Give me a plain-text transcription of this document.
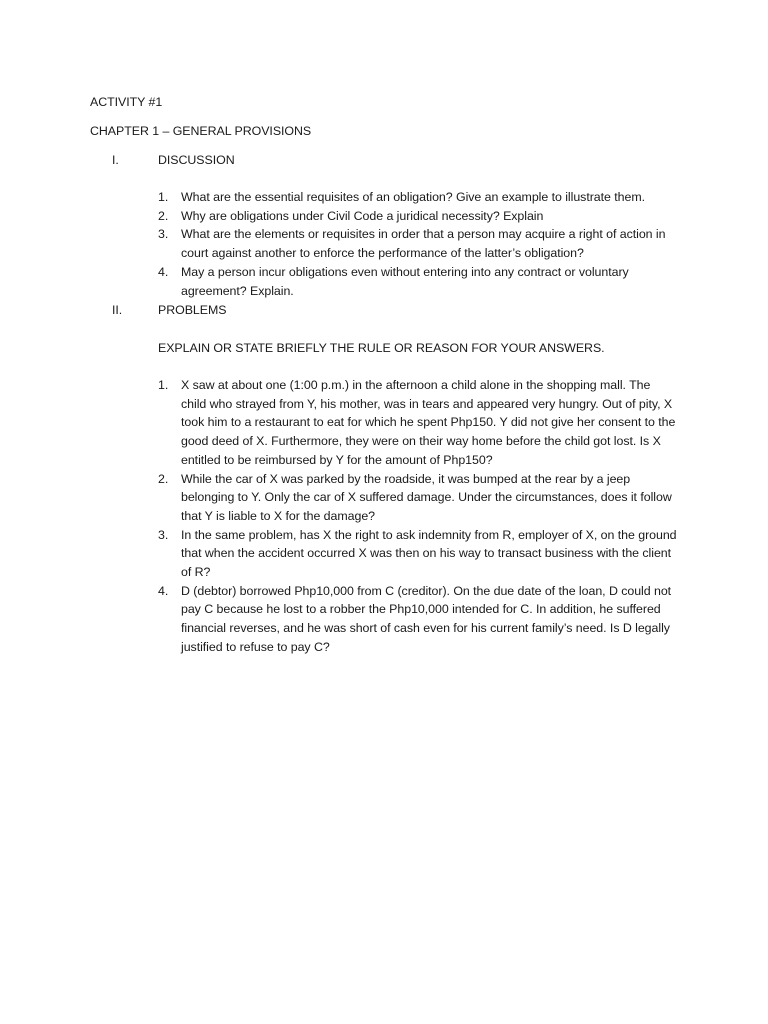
ACTIVITY #1
CHAPTER 1 – GENERAL PROVISIONS
I.	DISCUSSION
1. What are the essential requisites of an obligation? Give an example to illustrate them.
2. Why are obligations under Civil Code a juridical necessity? Explain
3. What are the elements or requisites in order that a person may acquire a right of action in court against another to enforce the performance of the latter’s obligation?
4. May a person incur obligations even without entering into any contract or voluntary agreement? Explain.
II.	PROBLEMS
EXPLAIN OR STATE BRIEFLY THE RULE OR REASON FOR YOUR ANSWERS.
1. X saw at about one (1:00 p.m.) in the afternoon a child alone in the shopping mall. The child who strayed from Y, his mother, was in tears and appeared very hungry. Out of pity, X took him to a restaurant to eat for which he spent Php150. Y did not give her consent to the good deed of X. Furthermore, they were on their way home before the child got lost. Is X entitled to be reimbursed by Y for the amount of Php150?
2. While the car of X was parked by the roadside, it was bumped at the rear by a jeep belonging to Y. Only the car of X suffered damage. Under the circumstances, does it follow that Y is liable to X for the damage?
3. In the same problem, has X the right to ask indemnity from R, employer of X, on the ground that when the accident occurred X was then on his way to transact business with the client of R?
4. D (debtor) borrowed Php10,000 from C (creditor). On the due date of the loan, D could not pay C because he lost to a robber the Php10,000 intended for C. In addition, he suffered financial reverses, and he was short of cash even for his current family’s need. Is D legally justified to refuse to pay C?
